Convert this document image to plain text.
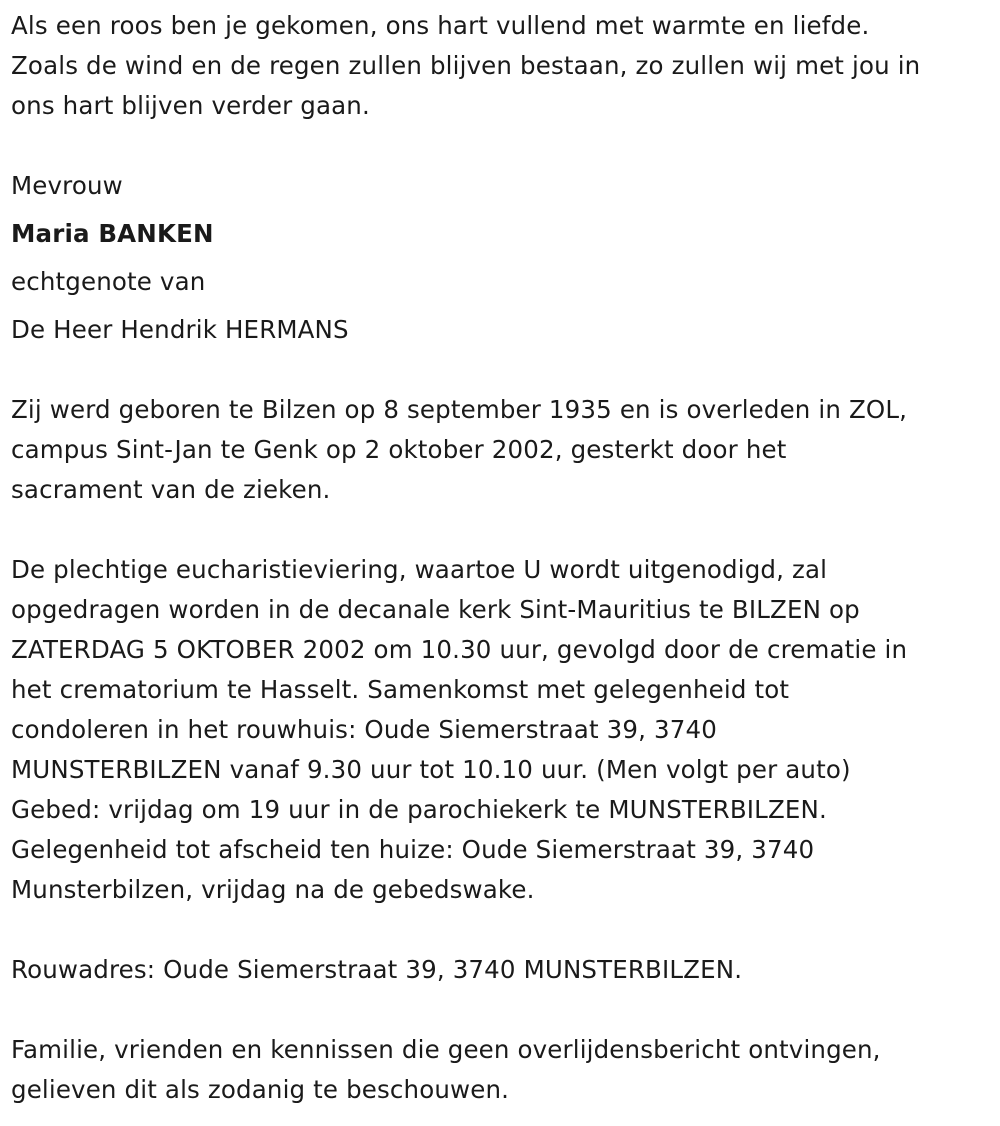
Als een roos ben je gekomen, ons hart vullend met warmte en liefde.
Zoals de wind en de regen zullen blijven bestaan, zo zullen wij met jou in
ons hart blijven verder gaan.
Mevrouw
Maria BANKEN
echtgenote van
De Heer Hendrik HERMANS
Zij werd geboren te Bilzen op 8 september 1935 en is overleden in ZOL,
campus Sint-Jan te Genk op 2 oktober 2002, gesterkt door het
sacrament van de zieken.
De plechtige eucharistieviering, waartoe U wordt uitgenodigd, zal
opgedragen worden in de decanale kerk Sint-Mauritius te BILZEN op
ZATERDAG 5 OKTOBER 2002 om 10.30 uur, gevolgd door de crematie in
het crematorium te Hasselt. Samenkomst met gelegenheid tot
condoleren in het rouwhuis: Oude Siemerstraat 39, 3740
MUNSTERBILZEN vanaf 9.30 uur tot 10.10 uur. (Men volgt per auto)
Gebed: vrijdag om 19 uur in de parochiekerk te MUNSTERBILZEN.
Gelegenheid tot afscheid ten huize: Oude Siemerstraat 39, 3740
Munsterbilzen, vrijdag na de gebedswake.
Rouwadres: Oude Siemerstraat 39, 3740 MUNSTERBILZEN.
Familie, vrienden en kennissen die geen overlijdensbericht ontvingen,
gelieven dit als zodanig te beschouwen.
